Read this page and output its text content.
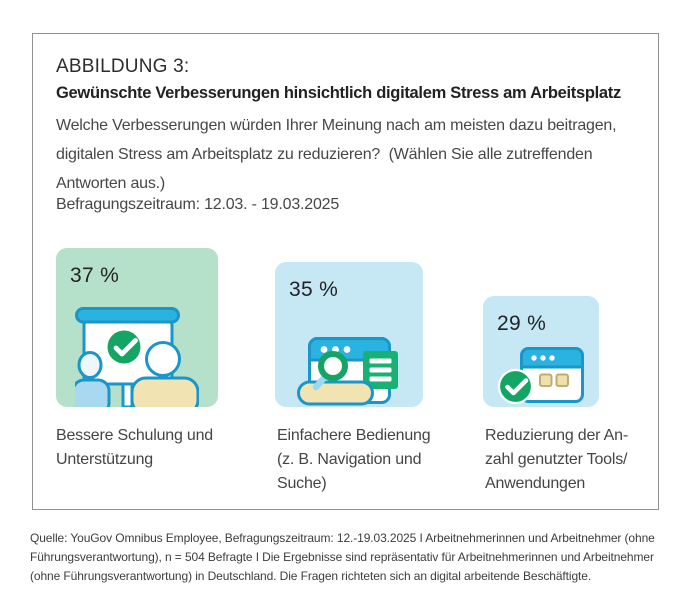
ABBILDUNG 3:
Gewünschte Verbesserungen hinsichtlich digitalem Stress am Arbeitsplatz
Welche Verbesserungen würden Ihrer Meinung nach am meisten dazu beitragen,
digitalen Stress am Arbeitsplatz zu reduzieren?  (Wählen Sie alle zutreffenden
Antworten aus.)
Befragungszeitraum: 12.03. - 19.03.2025
37 %
35 %
29 %
Bessere Schulung und
Unterstützung
Einfachere Bedienung
(z. B. Navigation und
Suche)
Reduzierung der An-
zahl genutzter Tools/
Anwendungen
Quelle: YouGov Omnibus Employee, Befragungszeitraum: 12.-19.03.2025 I Arbeitnehmerinnen und Arbeitnehmer (ohne
Führungsverantwortung), n = 504 Befragte I Die Ergebnisse sind repräsentativ für Arbeitnehmerinnen und Arbeitnehmer
(ohne Führungsverantwortung) in Deutschland. Die Fragen richteten sich an digital arbeitende Beschäftigte.
